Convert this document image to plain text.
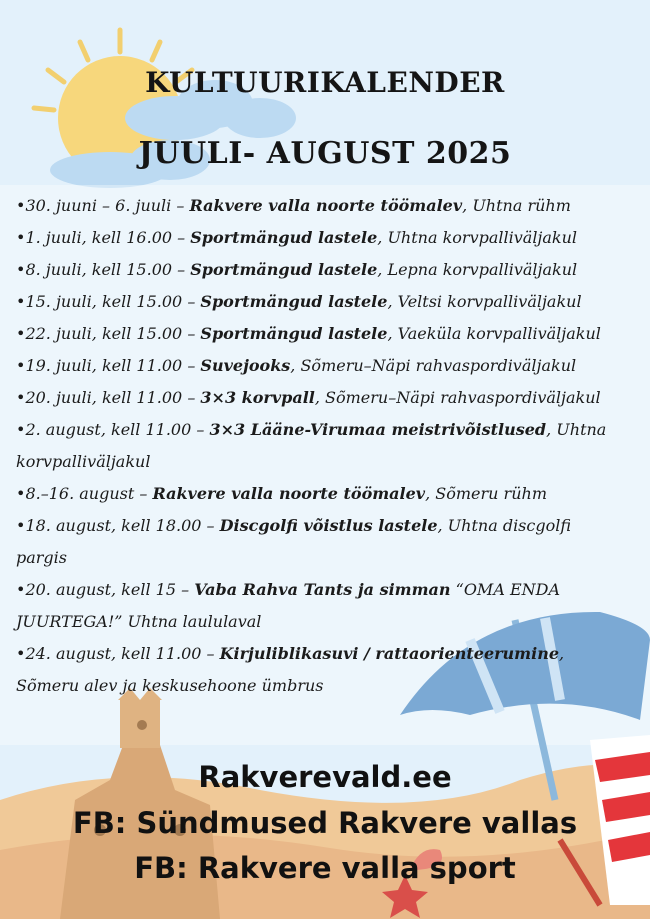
KULTUURIKALENDER
JUULI- AUGUST 2025

•30. juuni – 6. juuli – Rakvere valla noorte töömalev, Uhtna rühm

•1. juuli, kell 16.00 – Sportmängud lastele, Uhtna korvpalliväljakul

•8. juuli, kell 15.00 – Sportmängud lastele, Lepna korvpalliväljakul

•15. juuli, kell 15.00 – Sportmängud lastele, Veltsi korvpalliväljakul

•22. juuli, kell 15.00 – Sportmängud lastele, Vaeküla korvpalliväljakul

•19. juuli, kell 11.00 – Suvejooks, Sõmeru–Näpi rahvaspordiväljakul

•20. juuli, kell 11.00 – 3×3 korvpall, Sõmeru–Näpi rahvaspordiväljakul

•2. august, kell 11.00 – 3×3 Lääne-Virumaa meistrivõistlused, Uhtna korvpalliväljakul

•8.–16. august – Rakvere valla noorte töömalev, Sõmeru rühm

•18. august, kell 18.00 – Discgolfi võistlus lastele, Uhtna discgolfi pargis

•20. august, kell 15 – Vaba Rahva Tants ja simman “OMA ENDA JUURTEGA!” Uhtna laululaval

•24. august, kell 11.00 – Kirjuliblikasuvi / rattaorienteerumine, Sõmeru alev ja keskusehoone ümbrus

Rakverevald.ee
FB: Sündmused Rakvere vallas
FB: Rakvere valla sport
